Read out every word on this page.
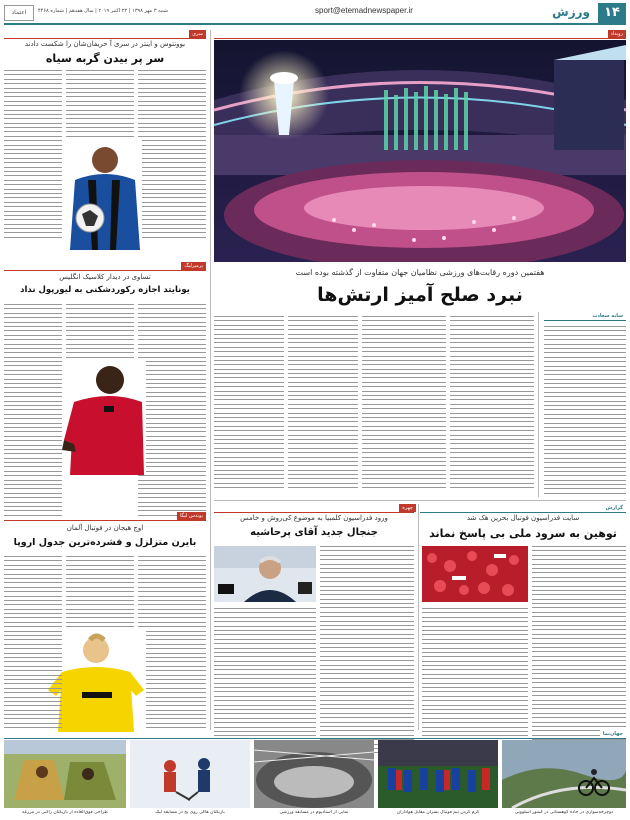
۱۴
ورزش
sport@etemadnewspaper.ir
شنبه ۳ مهر ۱۳۹۸ | ۲۲ اکتبر ۲۰۱۹ | سال هفدهم | شماره ۴۴۶۸
اعتماد
رویداد
هفتمین دوره رقابت‌های ورزشی نظامیان جهان متفاوت از گذشته بوده است
نبرد صلح آمیز ارتش‌ها
سایه سعادت
سری
یوونتوس و اینتر در سری آ حریفان‌شان را شکست دادند
سر پر بیدن گربه سیاه
پرمیرلیگ
تساوی در دیدار کلاسیک انگلیس
یونایتد اجازه رکوردشکنی به لیورپول نداد
بوندس لیگا
اوج هیجان در فوتبال آلمان
بایرن متزلزل و فشرده‌ترین جدول اروپا
گزارش
سایت فدراسیون فوتبال بحرین هک شد
توهین به سرود ملی بی پاسخ نماند
چهره
ورود فدراسیون کلمبیا به موضوع کی‌روش و خامس
جنجال جدید آقای پرحاشیه
جهان‌نما
دوچرخه‌سواری در جاده کوهستانی در کشور اسلوونی
گرم کردن تیم فوتبال پسران مقابل هواداران
نمایی از استادیوم در مسابقه ورزشی
بازیکنان هاکی روی یخ در مسابقه لیگ
طراحی فوق‌العاده از بازیکنان راگبی در مزرعه
